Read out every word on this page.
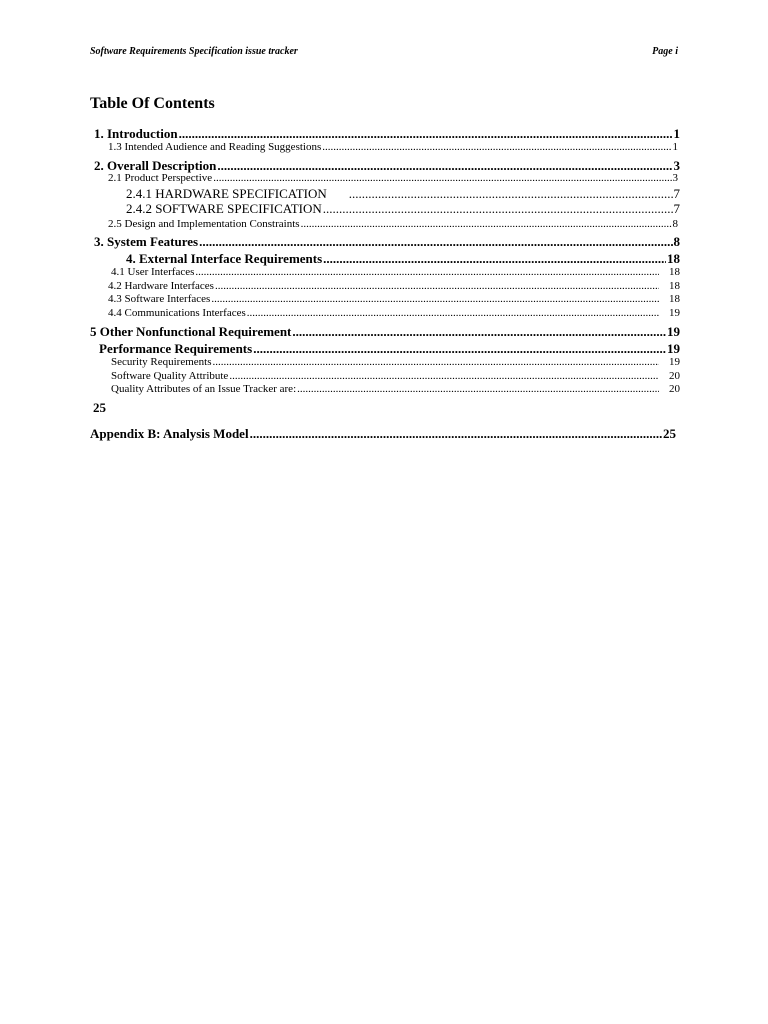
Software Requirements Specification issue tracker	Page i
Table Of Contents
1. Introduction .....	1
1.3 Intended Audience and Reading Suggestions .....	1
2. Overall Description .....	3
2.1 Product Perspective .....	3
2.4.1 HARDWARE SPECIFICATION .....	7
2.4.2 SOFTWARE SPECIFICATION .....	7
2.5 Design and Implementation Constraints .....	8
3. System Features .....	8
4. External Interface Requirements .....	18
4.1 User Interfaces .....	18
4.2 Hardware Interfaces .....	18
4.3 Software Interfaces .....	18
4.4 Communications Interfaces .....	19
5 Other Nonfunctional Requirement .....	19
Performance Requirements .....	19
Security Requirements .....	19
Software Quality Attribute .....	20
Quality Attributes of an Issue Tracker are: .....	20
25
Appendix B: Analysis Model .....	25
